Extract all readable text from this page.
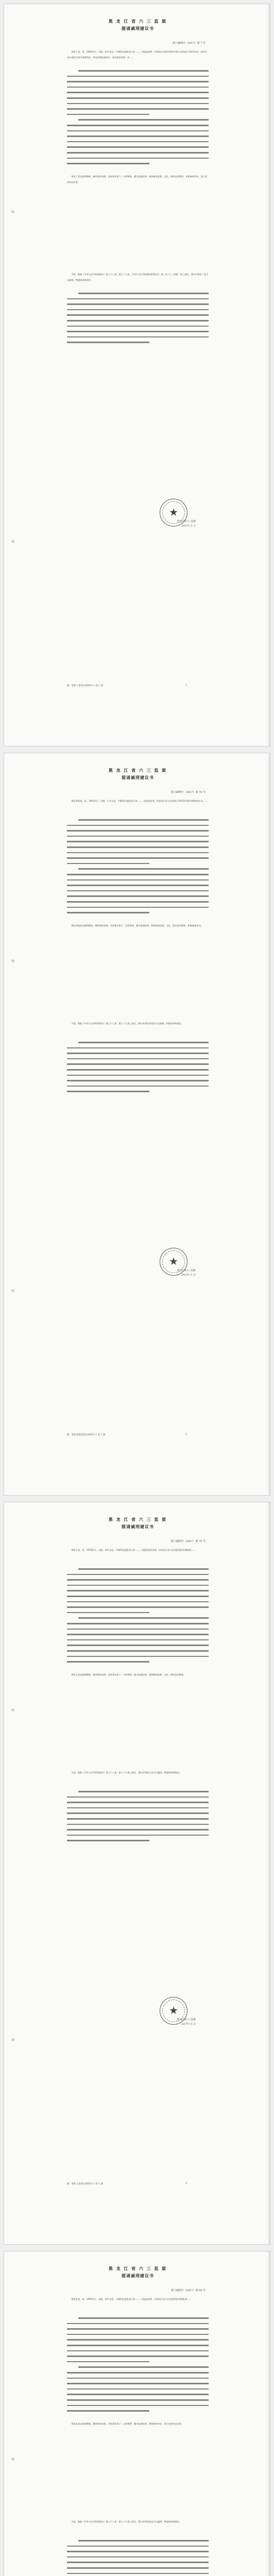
黑 龙 江 省 六 三 监 狱
提请减刑建议书
黑六减刑字（2017）第 7 号
罪犯丁某，男，1986年生，汉族，初中文化，户籍所在地黑龙江省……。因犯盗窃罪，经黑龙江省哈尔滨市中级人民法院于2013年以（2013）黑中刑初字第号刑事判决，判处有期徒刑四年，剥夺政治权利一年……
罪犯丁某在服刑期间，确有悔改表现，具体事实如下：认罪悔罪，遵守监规纪律，积极参加思想、文化、职业技术教育，积极参加劳动，努力完成劳动任务。
为此，根据《中华人民共和国刑法》第七十八条、第七十九条，《中华人民共和国刑事诉讼法》第二百六十二条第二款之规定，建议对罪犯丁某予以减刑。特提请审核裁定。
黑龙江省六三监狱
2017年 月 日
★
附：罪犯丁某卷宗材料共 1 卷 1 册	1
黑 龙 江 省 六 三 监 狱
提请减刑建议书
黑六减刑字（2017）第 78 号
罪犯刘某某，男，1981年生，汉族，小学文化，户籍所在地黑龙江省……。因犯抢劫罪，经黑龙江省人民法院于2015年判处有期徒刑五年……
罪犯刘某某在服刑期间，确有悔改表现，具体事实如下：认罪悔罪，遵守监规纪律，积极参加思想、文化、职业技术教育，积极参加劳动。
为此，根据《中华人民共和国刑法》第七十八条、第七十九条之规定，建议对罪犯刘某某予以减刑。特提请审核裁定。
黑龙江省六三监狱
2017年 月 日
★
附：罪犯刘某某卷宗材料共 1 卷 1 册	2
黑 龙 江 省 六 三 监 狱
提请减刑建议书
黑六减刑字（2017）第 79 号
罪犯王某，男，1978年生，汉族，初中文化，户籍所在地黑龙江省……。因犯故意伤害罪，经黑龙江省人民法院判处有期徒刑……
罪犯王某在服刑期间，确有悔改表现，具体事实如下：认罪悔罪，遵守监规纪律，积极参加思想、文化、职业技术教育。
为此，根据《中华人民共和国刑法》第七十八条、第七十九条之规定，建议对罪犯王某予以减刑。特提请审核裁定。
黑龙江省六三监狱
2017年 月 日
★
附：罪犯王某卷宗材料共 1 卷 1 册	3
黑 龙 江 省 六 三 监 狱
提请减刑建议书
黑六减刑字（2017）第 80 号
罪犯张某，男，1990年生，汉族，初中文化，户籍所在地黑龙江省……。因犯盗窃罪，经黑龙江省人民法院判处有期徒刑……
罪犯张某在服刑期间，确有悔改表现，具体事实如下：认罪悔罪，遵守监规纪律，积极参加劳动，努力完成劳动任务。
为此，根据《中华人民共和国刑法》第七十八条、第七十九条之规定，建议对罪犯张某予以减刑。特提请审核裁定。
